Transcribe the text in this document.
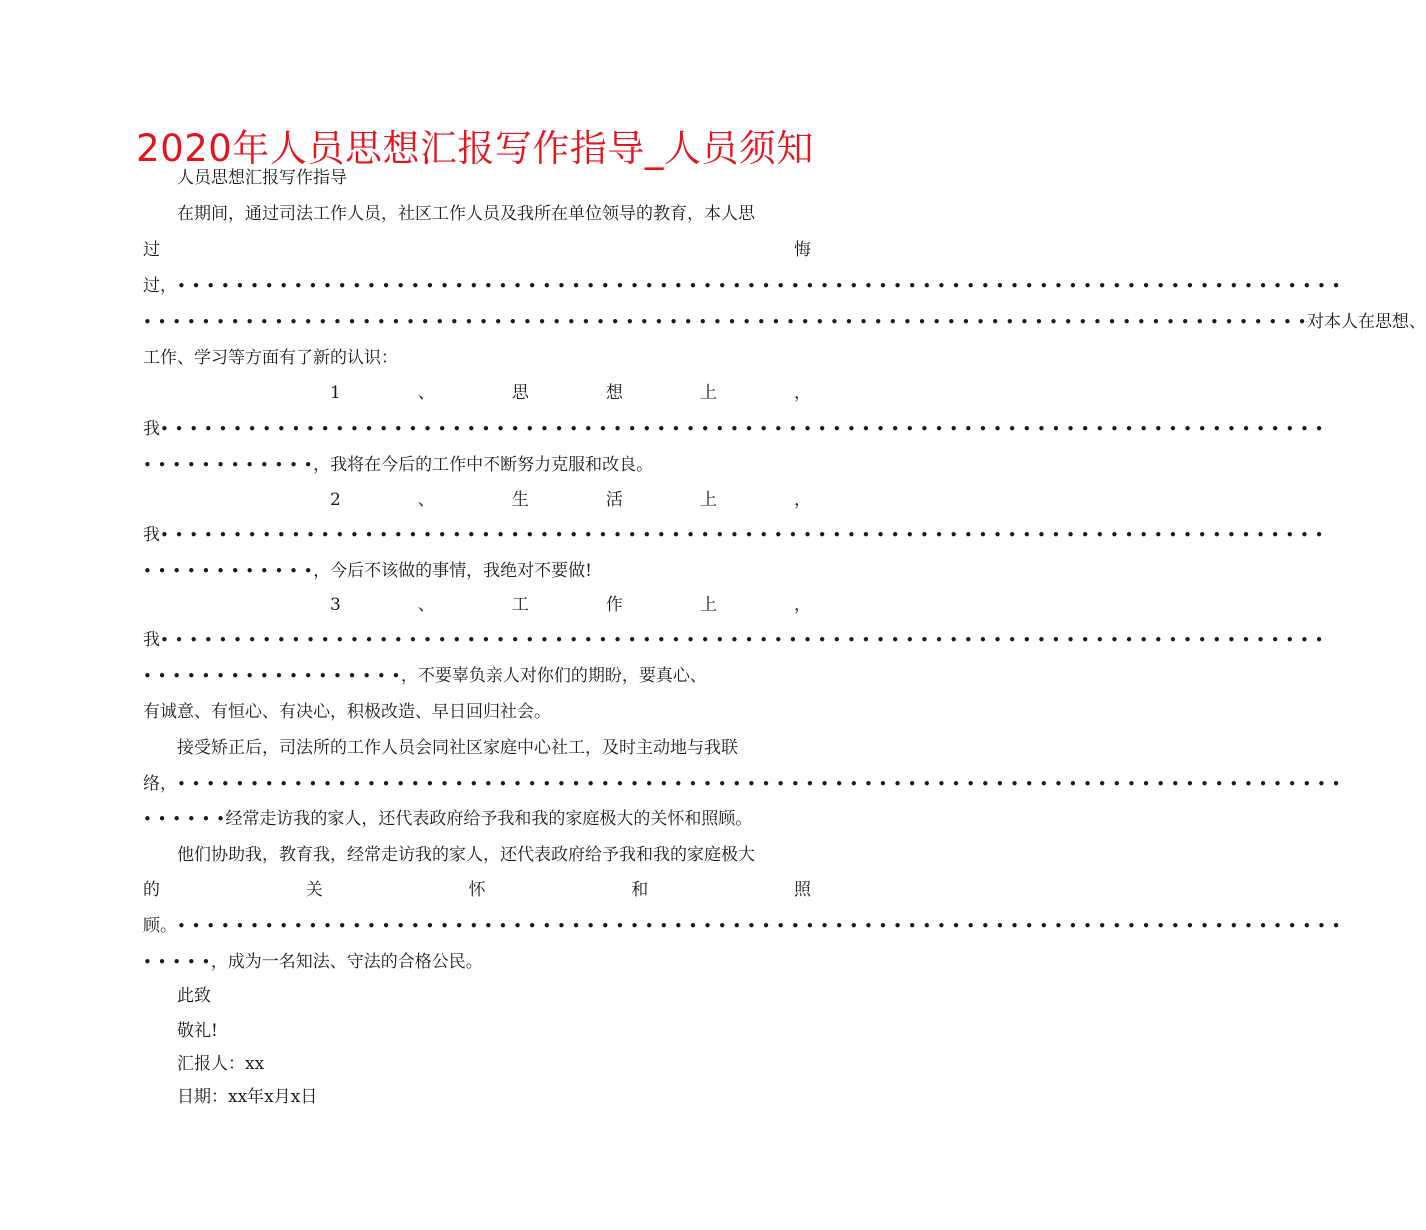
2020年人员思想汇报写作指导_人员须知
人员思想汇报写作指导
在期间，通过司法工作人员，社区工作人员及我所在单位领导的教育，本人思
过	悔
过， • • • • • • • • • • • • • • • • • • • • • • • • • • • • • • • • • • • • • • • • • • • • • • • • • • • • • • • • • • • • • • • • • • • • • • • • • • • • • • • •
• • • • • • • • • • • • • • • • • • • • • • • • • • • • • • • • • • • • • • • • • • • • • • • • • • • • • • • • • • • • • • • • • • • • • • • • • • • • • • • • 对本人在思想、
工作、学习等方面有了新的认识：
1	、	思	想	上	，
我 • • • • • • • • • • • • • • • • • • • • • • • • • • • • • • • • • • • • • • • • • • • • • • • • • • • • • • • • • • • • • • • • • • • • • • • • • • • • • • • •
• • • • • • • • • • • • ，我将在今后的工作中不断努力克服和改良。
2	、	生	活	上	，
我 • • • • • • • • • • • • • • • • • • • • • • • • • • • • • • • • • • • • • • • • • • • • • • • • • • • • • • • • • • • • • • • • • • • • • • • • • • • • • • • •
• • • • • • • • • • • • ，今后不该做的事情，我绝对不要做!
3	、	工	作	上	，
我 • • • • • • • • • • • • • • • • • • • • • • • • • • • • • • • • • • • • • • • • • • • • • • • • • • • • • • • • • • • • • • • • • • • • • • • • • • • • • • • •
• • • • • • • • • • • • • • • • • • ，不要辜负亲人对你们的期盼，要真心、
有诚意、有恒心、有决心，积极改造、早日回归社会。
接受矫正后，司法所的工作人员会同社区家庭中心社工，及时主动地与我联
络， • • • • • • • • • • • • • • • • • • • • • • • • • • • • • • • • • • • • • • • • • • • • • • • • • • • • • • • • • • • • • • • • • • • • • • • • • • • • • • • •
• • • • • • 经常走访我的家人，还代表政府给予我和我的家庭极大的关怀和照顾。
他们协助我，教育我，经常走访我的家人，还代表政府给予我和我的家庭极大
的	关	怀	和	照
顾。 • • • • • • • • • • • • • • • • • • • • • • • • • • • • • • • • • • • • • • • • • • • • • • • • • • • • • • • • • • • • • • • • • • • • • • • • • • • • • • • •
• • • • • ，成为一名知法、守法的合格公民。
此致
敬礼!
汇报人：xx
日期：xx年x月x日
